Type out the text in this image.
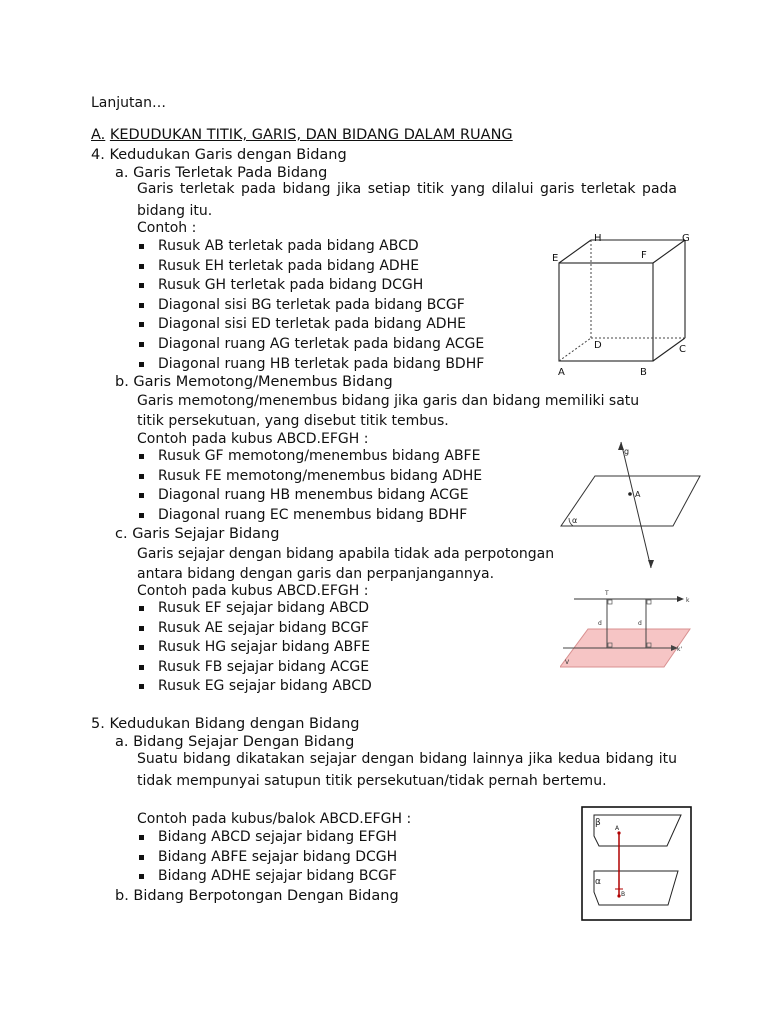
Lanjutan…
A. KEDUDUKAN TITIK, GARIS, DAN BIDANG DALAM RUANG
4. Kedudukan Garis dengan Bidang
a. Garis Terletak Pada Bidang
Garis terletak pada bidang jika setiap titik yang dilalui garis terletak pada bidang itu.
Contoh :
Rusuk AB terletak pada bidang ABCD
Rusuk EH terletak pada bidang ADHE
Rusuk GH terletak pada bidang DCGH
Diagonal sisi BG terletak pada bidang BCGF
Diagonal sisi ED terletak pada bidang ADHE
Diagonal ruang AG terletak pada bidang ACGE
Diagonal ruang HB terletak pada bidang BDHF
H	G
E	F
D	C
A	B
b. Garis Memotong/Menembus Bidang
Garis memotong/menembus bidang jika garis dan bidang memiliki satu
titik persekutuan, yang disebut titik tembus.
Contoh pada kubus ABCD.EFGH :
Rusuk GF memotong/menembus bidang ABFE
Rusuk FE memotong/menembus bidang ADHE
Diagonal ruang HB menembus bidang ACGE
Diagonal ruang EC menembus bidang BDHF
g
A
α
c. Garis Sejajar Bidang
Garis sejajar dengan bidang apabila tidak ada perpotongan
antara bidang dengan garis dan perpanjangannya.
Contoh pada kubus ABCD.EFGH :
Rusuk EF sejajar bidang ABCD
Rusuk AE sejajar bidang BCGF
Rusuk HG sejajar bidang ABFE
Rusuk FB sejajar bidang ACGE
Rusuk EG sejajar bidang ABCD
T
k
d	d
V
k'
5. Kedudukan Bidang dengan Bidang
a. Bidang Sejajar Dengan Bidang
Suatu bidang dikatakan sejajar dengan bidang lainnya jika kedua bidang itu tidak mempunyai satupun titik persekutuan/tidak pernah bertemu.
Contoh pada kubus/balok ABCD.EFGH :
Bidang ABCD sejajar bidang EFGH
Bidang ABFE sejajar bidang DCGH
Bidang ADHE sejajar bidang BCGF
b. Bidang Berpotongan Dengan Bidang
β
α
A
B
